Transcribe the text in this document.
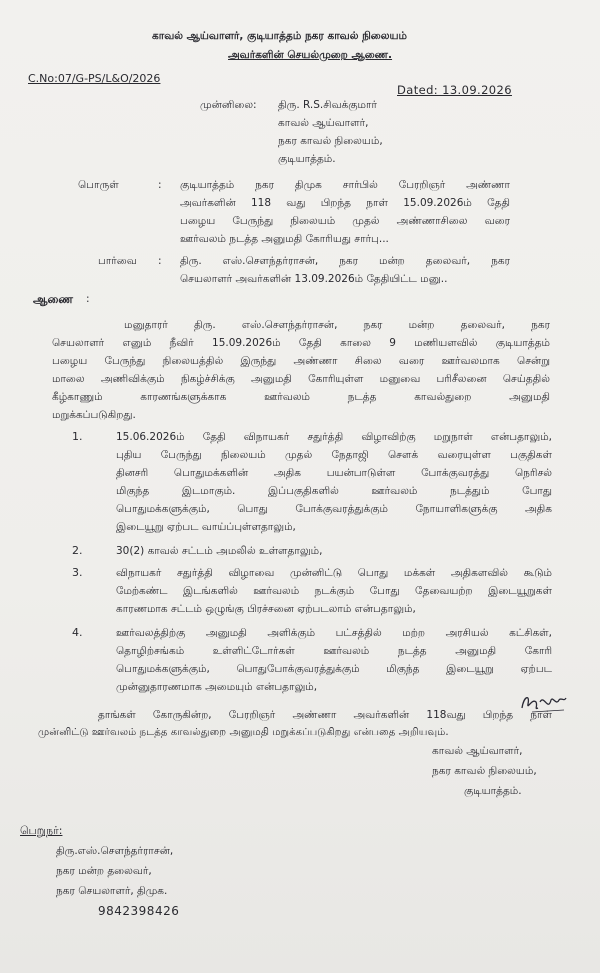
காவல் ஆய்வாளர், குடியாத்தம் நகர காவல் நிலையம்
அவர்களின் செயல்முறை ஆணை.
C.No:07/G-PS/L&O/2026
Dated: 13.09.2026
முன்னிலை: திரு. R.S.சிவக்குமார்
காவல் ஆய்வாளர்,
நகர காவல் நிலையம்,
குடியாத்தம்.
பொருள்	: குடியாத்தம் நகர திமுக சார்பில் பேரறிஞர் அண்ணா
அவர்களின் 118 வது பிறந்த நாள் 15.09.2026ம் தேதி
பழைய பேருந்து நிலையம் முதல் அண்ணாசிலை வரை
ஊர்வலம் நடத்த அனுமதி கோரியது சார்பு...
பார்வை : திரு. எஸ்.சௌந்தர்ராசன், நகர மன்ற தலைவர், நகர
செயலாளர் அவர்களின் 13.09.2026ம் தேதியிட்ட மனு..
ஆணை :
மனுதாரர் திரு. எஸ்.சௌந்தர்ராசன், நகர மன்ற தலைவர், நகர
செயலாளர் எனும் நீவிர் 15.09.2026ம் தேதி காலை 9 மணியளவில் குடியாத்தம்
பழைய பேருந்து நிலையத்தில் இருந்து அண்ணா சிலை வரை ஊர்வலமாக சென்று
மாலை அணிவிக்கும் நிகழ்ச்சிக்கு அனுமதி கோரியுள்ள மனுவை பரிசீலனை செய்ததில்
கீழ்காணும் காரணங்களுக்காக ஊர்வலம் நடத்த காவல்துறை அனுமதி
மறுக்கப்படுகிறது.
1.	15.06.2026ம் தேதி விநாயகர் சதுர்த்தி விழாவிற்கு மறுநாள் என்பதாலும்,
புதிய பேருந்து நிலையம் முதல் நேதாஜி சௌக் வரையுள்ள பகுதிகள்
தினசரி பொதுமக்களின் அதிக பயன்பாடுள்ள போக்குவரத்து நெரிசல்
மிகுந்த இடமாகும். இப்பகுதிகளில் ஊர்வலம் நடத்தும் போது
பொதுமக்களுக்கும், பொது போக்குவரத்துக்கும் நோயாளிகளுக்கு அதிக
இடையூறு ஏற்பட வாய்ப்புள்ளதாலும்,
2.	30(2) காவல் சட்டம் அமலில் உள்ளதாலும்,
3.	விநாயகர் சதுர்த்தி விழாவை முன்னிட்டு பொது மக்கள் அதிகளவில் கூடும்
மேற்கண்ட இடங்களில் ஊர்வலம் நடக்கும் போது தேவையற்ற இடையூறுகள்
காரணமாக சட்டம் ஒழுங்கு பிரச்சனை ஏற்படலாம் என்பதாலும்,
4.	ஊர்வலத்திற்கு அனுமதி அளிக்கும் பட்சத்தில் மற்ற அரசியல் கட்சிகள்,
தொழிற்சங்கம் உள்ளிட்டோர்கள் ஊர்வலம் நடத்த அனுமதி கோரி
பொதுமக்களுக்கும், பொதுபோக்குவரத்துக்கும் மிகுந்த இடையூறு ஏற்பட
முன்னுதாரணமாக அமையும் என்பதாலும்,
தாங்கள் கோருகின்ற, பேரறிஞர் அண்ணா அவர்களின் 118வது பிறந்த நாள்
முன்னிட்டு ஊர்வலம் நடத்த காவல்துறை அனுமதி மறுக்கப்படுகிறது என்பதை அறியவும்.
காவல் ஆய்வாளர்,
நகர காவல் நிலையம்,
குடியாத்தம்.
பெறுநர்:
திரு.எஸ்.சௌந்தர்ராசன்,
நகர மன்ற தலைவர்,
நகர செயலாளர், திமுக.
9842398426
